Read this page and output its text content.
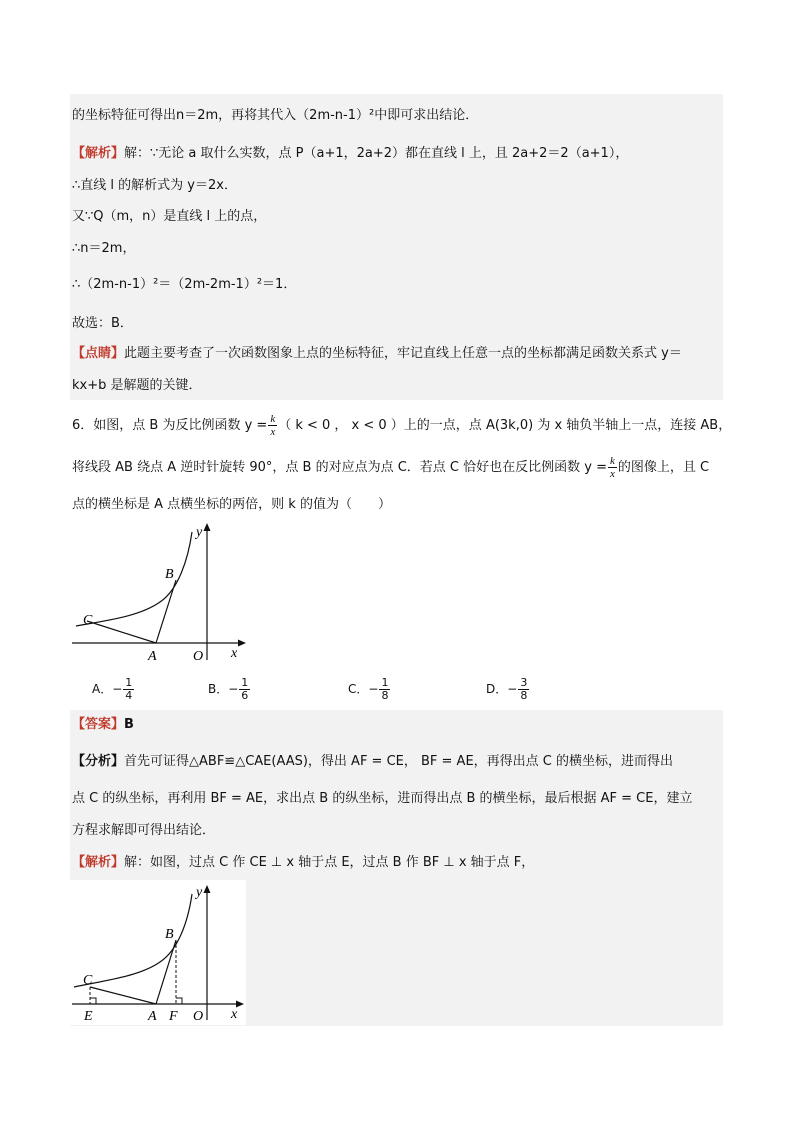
的坐标特征可得出n＝2m，再将其代入（2m-n-1）²中即可求出结论．
【解析】解：∵无论 a 取什么实数，点 P（a+1，2a+2）都在直线 l 上，且 2a+2＝2（a+1），
∴直线 l 的解析式为 y＝2x．
又∵Q（m，n）是直线 l 上的点，
∴n＝2m，
∴（2m-n-1）²＝（2m-2m-1）²＝1．
故选：B．
【点睛】此题主要考查了一次函数图象上点的坐标特征，牢记直线上任意一点的坐标都满足函数关系式 y＝
kx+b 是解题的关键．
6．如图，点 B 为反比例函数 $y = \frac{k}{x}$ （ k < 0 ， x < 0 ）上的一点，点 A(3k,0) 为 x 轴负半轴上一点，连接 AB，
将线段 AB 绕点 A 逆时针旋转 90°，点 B 的对应点为点 C．若点 C 恰好也在反比例函数 $y = \frac{k}{x}$ 的图像上，且 C
点的横坐标是 A 点横坐标的两倍，则 k 的值为（　　）
y
x
B
C
A	O
A．− $\frac{1}{4}$	B．− $\frac{1}{6}$	C．− $\frac{1}{8}$	D．− $\frac{3}{8}$
【答案】B
【分析】首先可证得△ABF≌△CAE(AAS)，得出 AF = CE， BF = AE，再得出点 C 的横坐标，进而得出
点 C 的纵坐标，再利用 BF = AE，求出点 B 的纵坐标，进而得出点 B 的横坐标，最后根据 AF = CE，建立
方程求解即可得出结论．
【解析】解：如图，过点 C 作 CE ⊥ x 轴于点 E，过点 B 作 BF ⊥ x 轴于点 F，
y
x
B
C
E	A F O
